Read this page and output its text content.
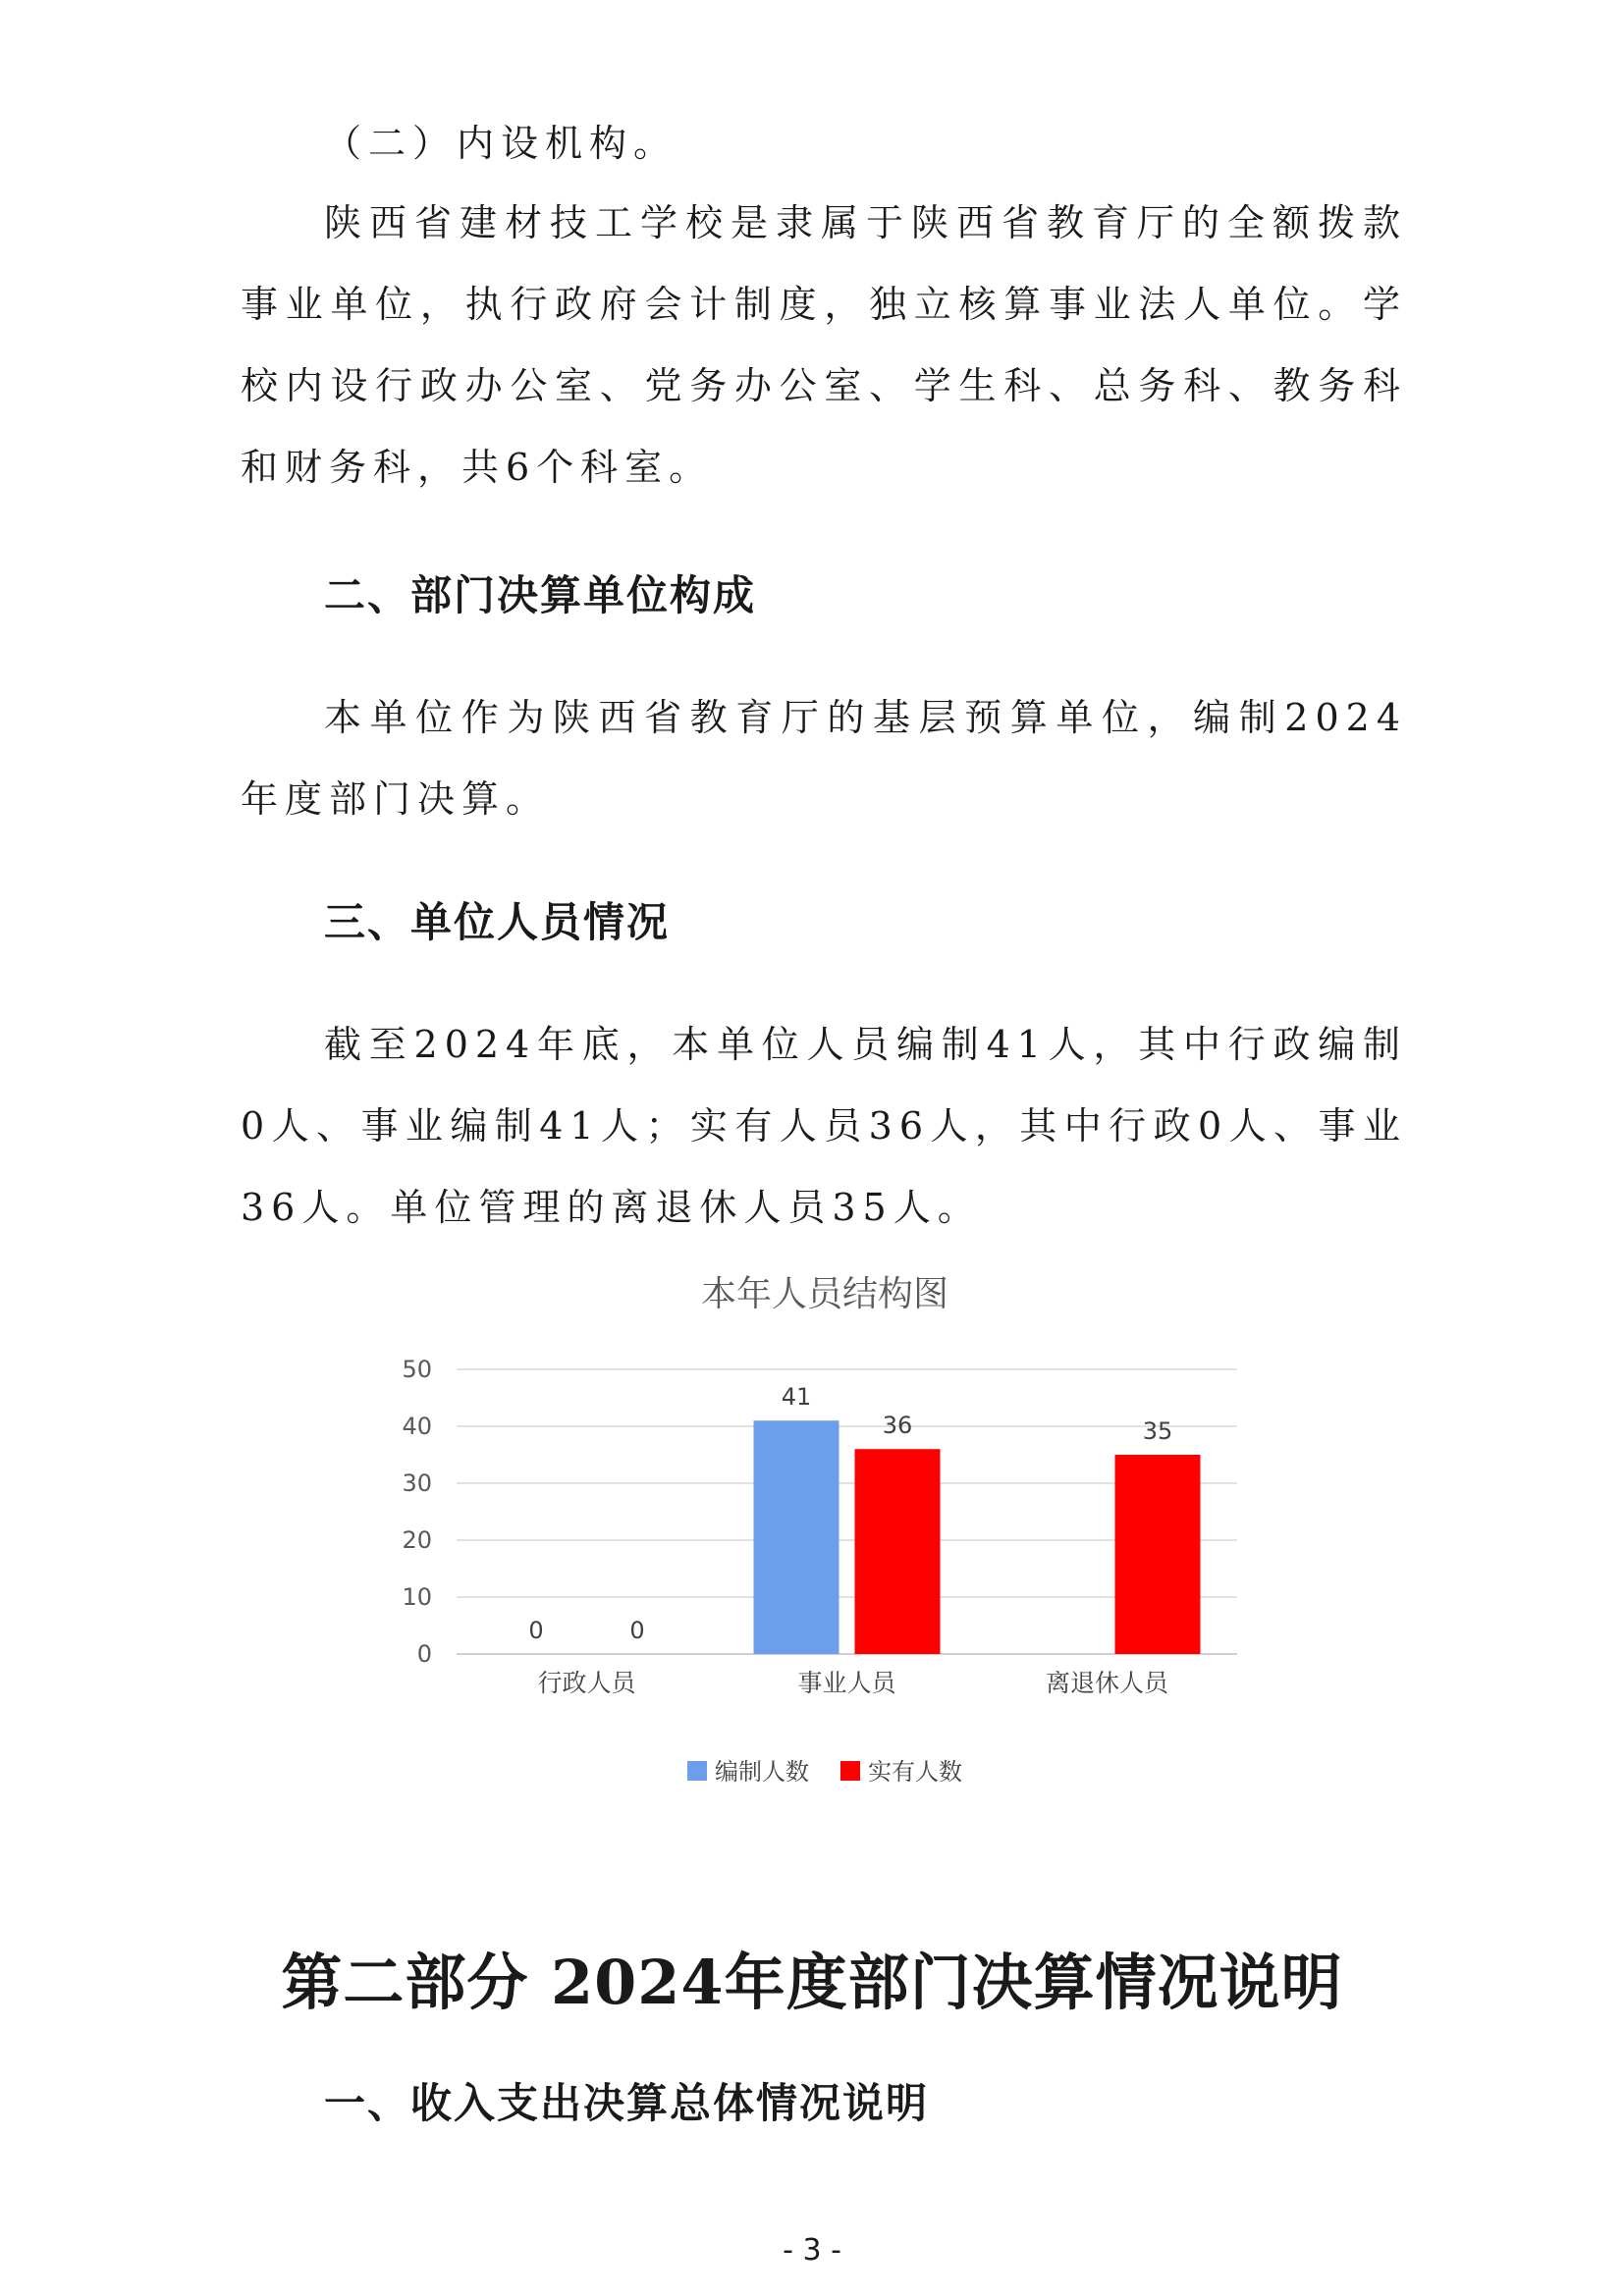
（二）内设机构。

陕西省建材技工学校是隶属于陕西省教育厅的全额拨款事业单位，执行政府会计制度，独立核算事业法人单位。学校内设行政办公室、党务办公室、学生科、总务科、教务科和财务科，共6个科室。

二、部门决算单位构成

本单位作为陕西省教育厅的基层预算单位，编制2024年度部门决算。

三、单位人员情况

截至2024年底，本单位人员编制41人，其中行政编制0人、事业编制41人；实有人员36人，其中行政0人、事业36人。单位管理的离退休人员35人。

本年人员结构图
0
10
20
30
40
50
0	0
41
36	35
行政人员	事业人员	离退休人员
编制人数	实有人数
第二部分 2024年度部门决算情况说明
一、收入支出决算总体情况说明
- 3 -
